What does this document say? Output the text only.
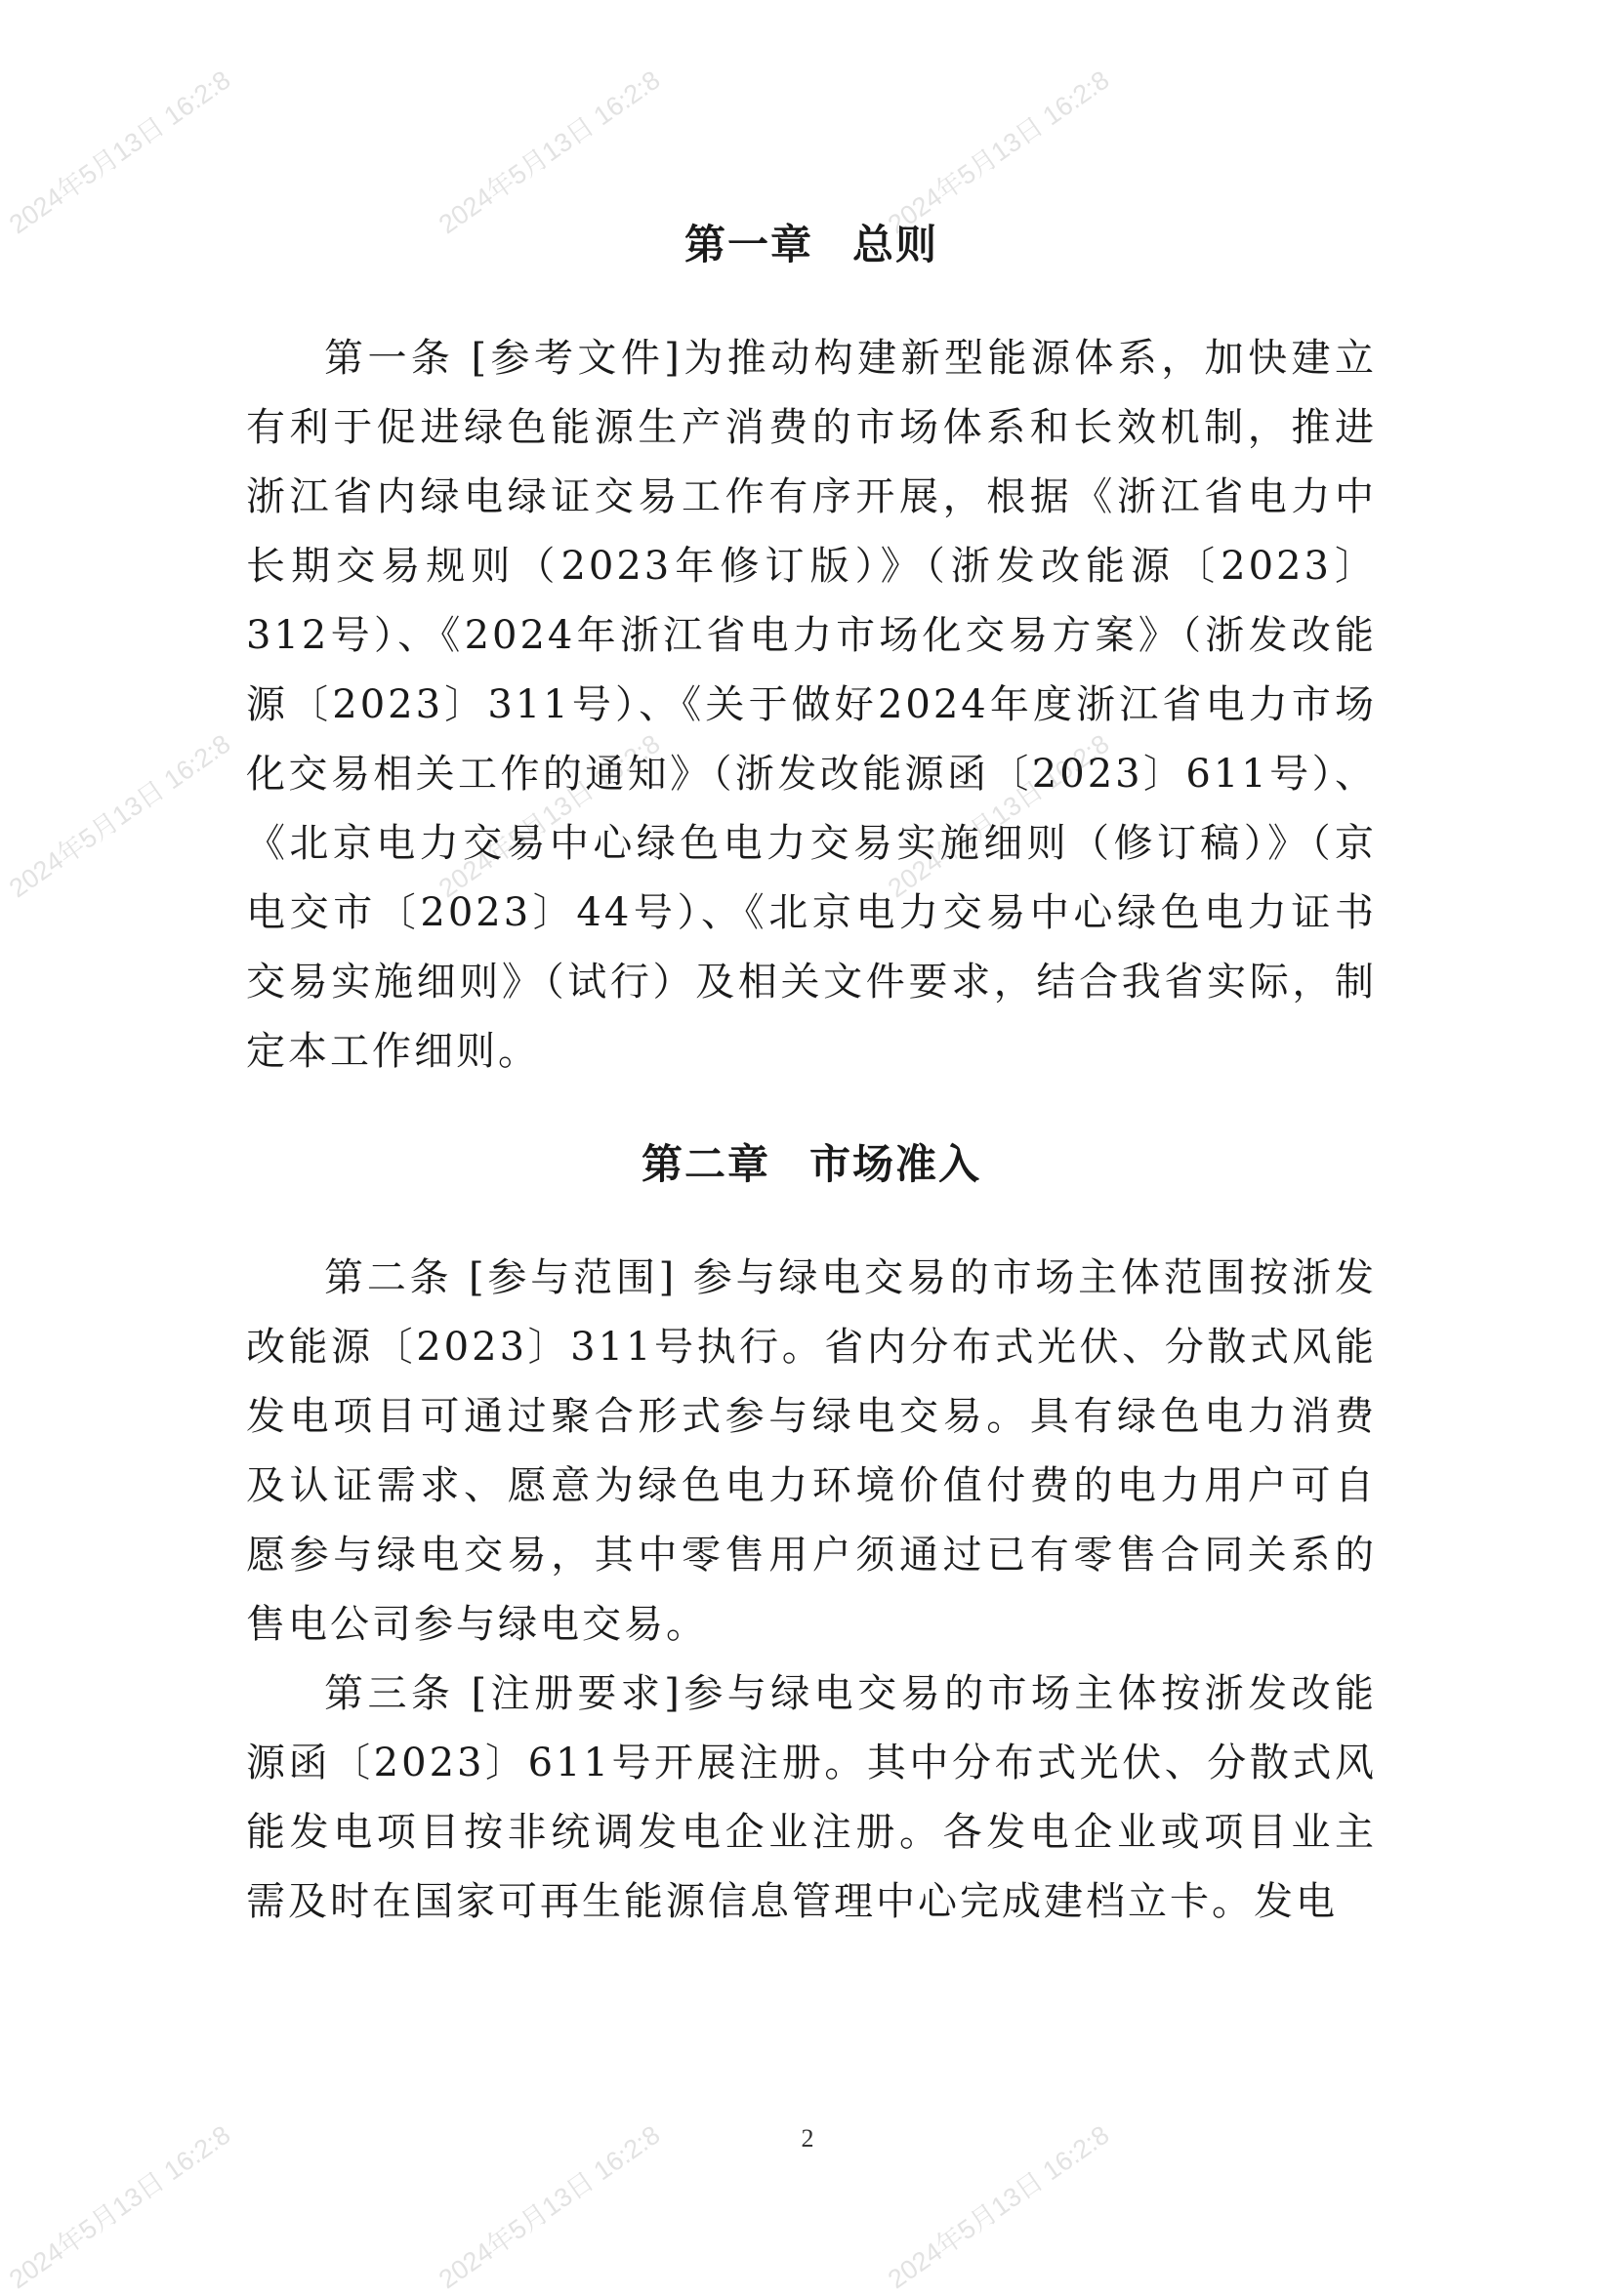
2024年5月13日 16:2:8	2024年5月13日 16:2:8	2024年5月13日 16:2:8
2024年5月13日 16:2:8	2024年5月13日 16:2:8	2024年5月13日 16:2:8
2024年5月13日 16:2:8	2024年5月13日 16:2:8	2024年5月13日 16:2:8
第一章 总则

第一条 [参考文件]为推动构建新型能源体系，加快建立有利于促进绿色能源生产消费的市场体系和长效机制，推进浙江省内绿电绿证交易工作有序开展，根据《浙江省电力中长期交易规则（2023年修订版）》（浙发改能源〔2023〕312号）、《2024年浙江省电力市场化交易方案》（浙发改能源〔2023〕311号）、《关于做好2024年度浙江省电力市场化交易相关工作的通知》（浙发改能源函〔2023〕611号）、《北京电力交易中心绿色电力交易实施细则（修订稿）》（京电交市〔2023〕44号）、《北京电力交易中心绿色电力证书交易实施细则》（试行）及相关文件要求，结合我省实际，制定本工作细则。

第二章 市场准入

第二条 [参与范围] 参与绿电交易的市场主体范围按浙发改能源〔2023〕311号执行。省内分布式光伏、分散式风能发电项目可通过聚合形式参与绿电交易。具有绿色电力消费及认证需求、愿意为绿色电力环境价值付费的电力用户可自愿参与绿电交易，其中零售用户须通过已有零售合同关系的售电公司参与绿电交易。

第三条 [注册要求]参与绿电交易的市场主体按浙发改能源函〔2023〕611号开展注册。其中分布式光伏、分散式风能发电项目按非统调发电企业注册。各发电企业或项目业主需及时在国家可再生能源信息管理中心完成建档立卡。发电

2
